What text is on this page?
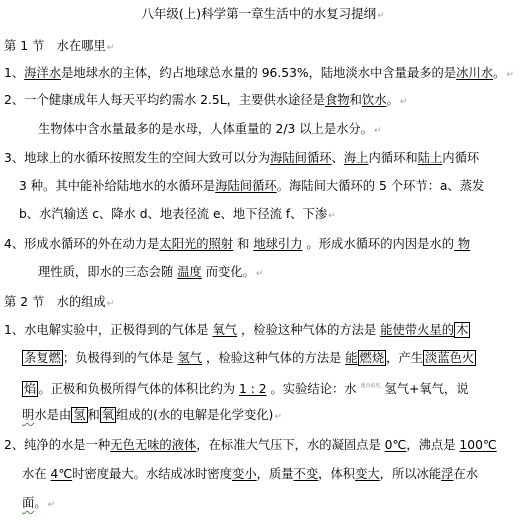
八年级(上)科学第一章生活中的水复习提纲↵
第 1 节　水在哪里↵
1、海洋水是地球水的主体，约占地球总水量的 96.53%，陆地淡水中含量最多的是冰川水。↵
2、一个健康成年人每天平均约需水 2.5L，主要供水途径是食物和饮水。↵
生物体中含水量最多的是水母，人体重量的 2/3 以上是水分。↵
3、地球上的水循环按照发生的空间大致可以分为海陆间循环、海上内循环和陆上内循环
3 种。其中能补给陆地水的水循环是海陆间循环。海陆间大循环的 5 个环节：a、蒸发
b、水汽输送 c、降水 d、地表径流 e、地下径流 f、下渗↵
4、形成水循环的外在动力是太阳光的照射 和 地球引力 。形成水循环的内因是水的 物
理性质，即水的三态会随 温度 而变化。↵
第 2 节　水的组成↵
1、水电解实验中，正极得到的气体是 氧气 ，检验这种气体的方法是 能使带火星的 木
条复燃 ；负极得到的气体是 氢气 ，检验这种气体的方法是 能 燃烧 ，产生 淡蓝色火
焰 。正极和负极所得气体的体积比约为 1 : 2 。实验结论：水 $^{通直流电}$ 氢气+氧气，说
明水是由 氢 和 氧 组成的(水的电解是化学变化)↵
2、纯净的水是一种无色无味的液体，在标准大气压下，水的凝固点是 0℃，沸点是 100℃
水在 4℃时密度最大。水结成冰时密度变小，质量不变，体积变大，所以冰能浮在水
面。↵
